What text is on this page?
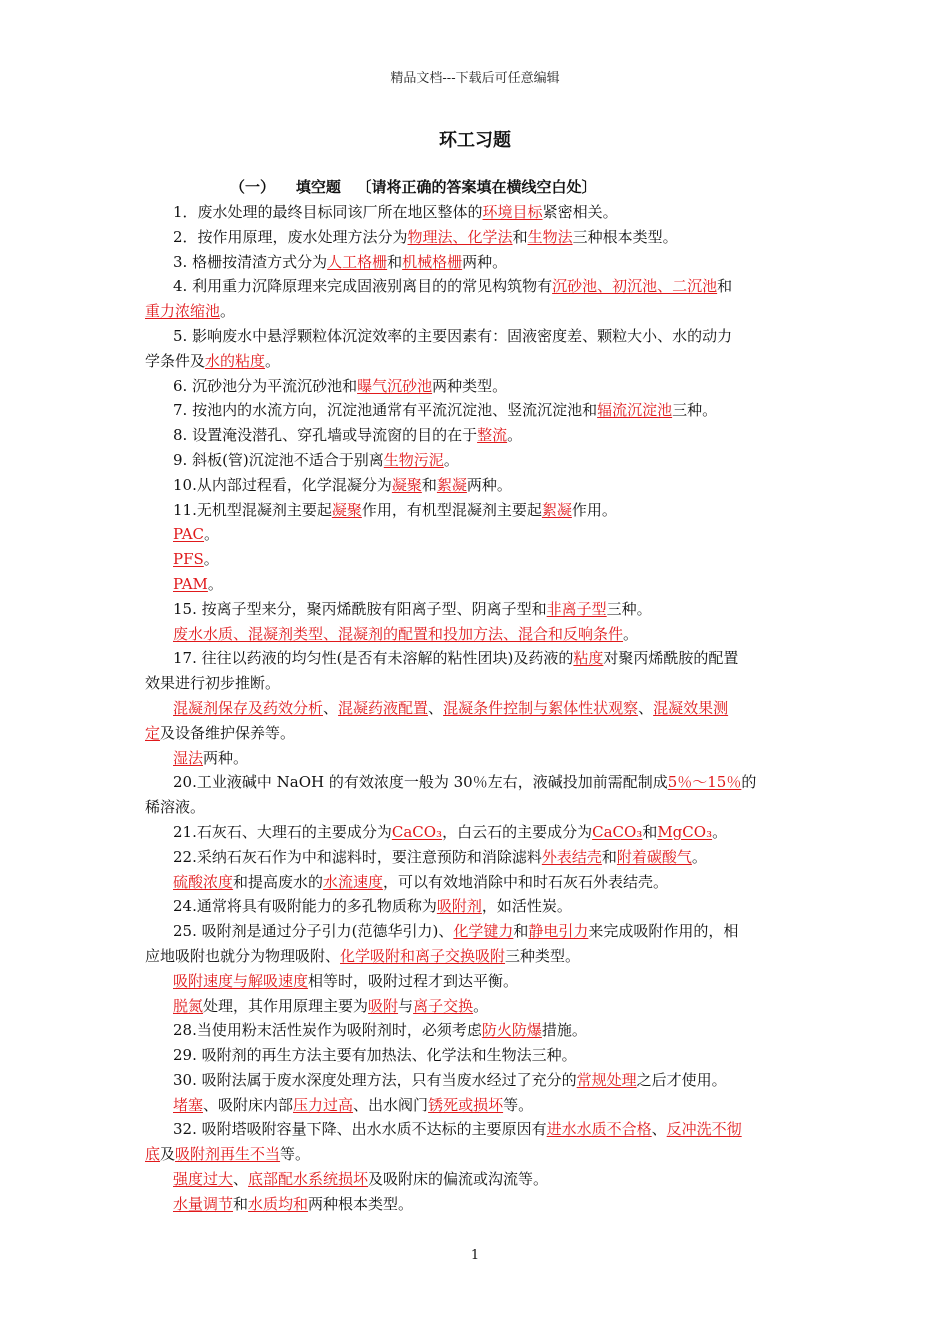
精品文档---下载后可任意编辑
环工习题
（一）    填空题   〔请将正确的答案填在横线空白处〕
1．废水处理的最终目标同该厂所在地区整体的环境目标紧密相关。
2．按作用原理，废水处理方法分为物理法、化学法和生物法三种根本类型。
3. 格栅按清渣方式分为人工格栅和机械格栅两种。
4. 利用重力沉降原理来完成固液别离目的的常见构筑物有沉砂池、初沉池、二沉池和
重力浓缩池。
5. 影响废水中悬浮颗粒体沉淀效率的主要因素有：固液密度差、颗粒大小、水的动力
学条件及水的粘度。
6. 沉砂池分为平流沉砂池和曝气沉砂池两种类型。
7. 按池内的水流方向，沉淀池通常有平流沉淀池、竖流沉淀池和辐流沉淀池三种。
8. 设置淹没潜孔、穿孔墙或导流窗的目的在于整流。
9. 斜板(管)沉淀池不适合于别离生物污泥。
10.从内部过程看，化学混凝分为凝聚和絮凝两种。
11.无机型混凝剂主要起凝聚作用，有机型混凝剂主要起絮凝作用。
PAC。
PFS。
PAM。
15. 按离子型来分，聚丙烯酰胺有阳离子型、阴离子型和非离子型三种。
废水水质、混凝剂类型、混凝剂的配置和投加方法、混合和反响条件。
17. 往往以药液的均匀性(是否有未溶解的粘性团块)及药液的粘度对聚丙烯酰胺的配置
效果进行初步推断。
混凝剂保存及药效分析、混凝药液配置、混凝条件控制与絮体性状观察、混凝效果测
定及设备维护保养等。
湿法两种。
20.工业液碱中 NaOH 的有效浓度一般为 30％左右，液碱投加前需配制成5％～15％的
稀溶液。
21.石灰石、大理石的主要成分为CaCO₃，白云石的主要成分为CaCO₃和MgCO₃。
22.采纳石灰石作为中和滤料时，要注意预防和消除滤料外表结壳和附着碳酸气。
硫酸浓度和提高废水的水流速度，可以有效地消除中和时石灰石外表结壳。
24.通常将具有吸附能力的多孔物质称为吸附剂，如活性炭。
25. 吸附剂是通过分子引力(范德华引力)、化学键力和静电引力来完成吸附作用的，相
应地吸附也就分为物理吸附、化学吸附和离子交换吸附三种类型。
吸附速度与解吸速度相等时，吸附过程才到达平衡。
脱氮处理，其作用原理主要为吸附与离子交换。
28.当使用粉末活性炭作为吸附剂时，必须考虑防火防爆措施。
29. 吸附剂的再生方法主要有加热法、化学法和生物法三种。
30. 吸附法属于废水深度处理方法，只有当废水经过了充分的常规处理之后才使用。
堵塞、吸附床内部压力过高、出水阀门锈死或损坏等。
32. 吸附塔吸附容量下降、出水水质不达标的主要原因有进水水质不合格、反冲洗不彻
底及吸附剂再生不当等。
强度过大、底部配水系统损坏及吸附床的偏流或沟流等。
水量调节和水质均和两种根本类型。
1
